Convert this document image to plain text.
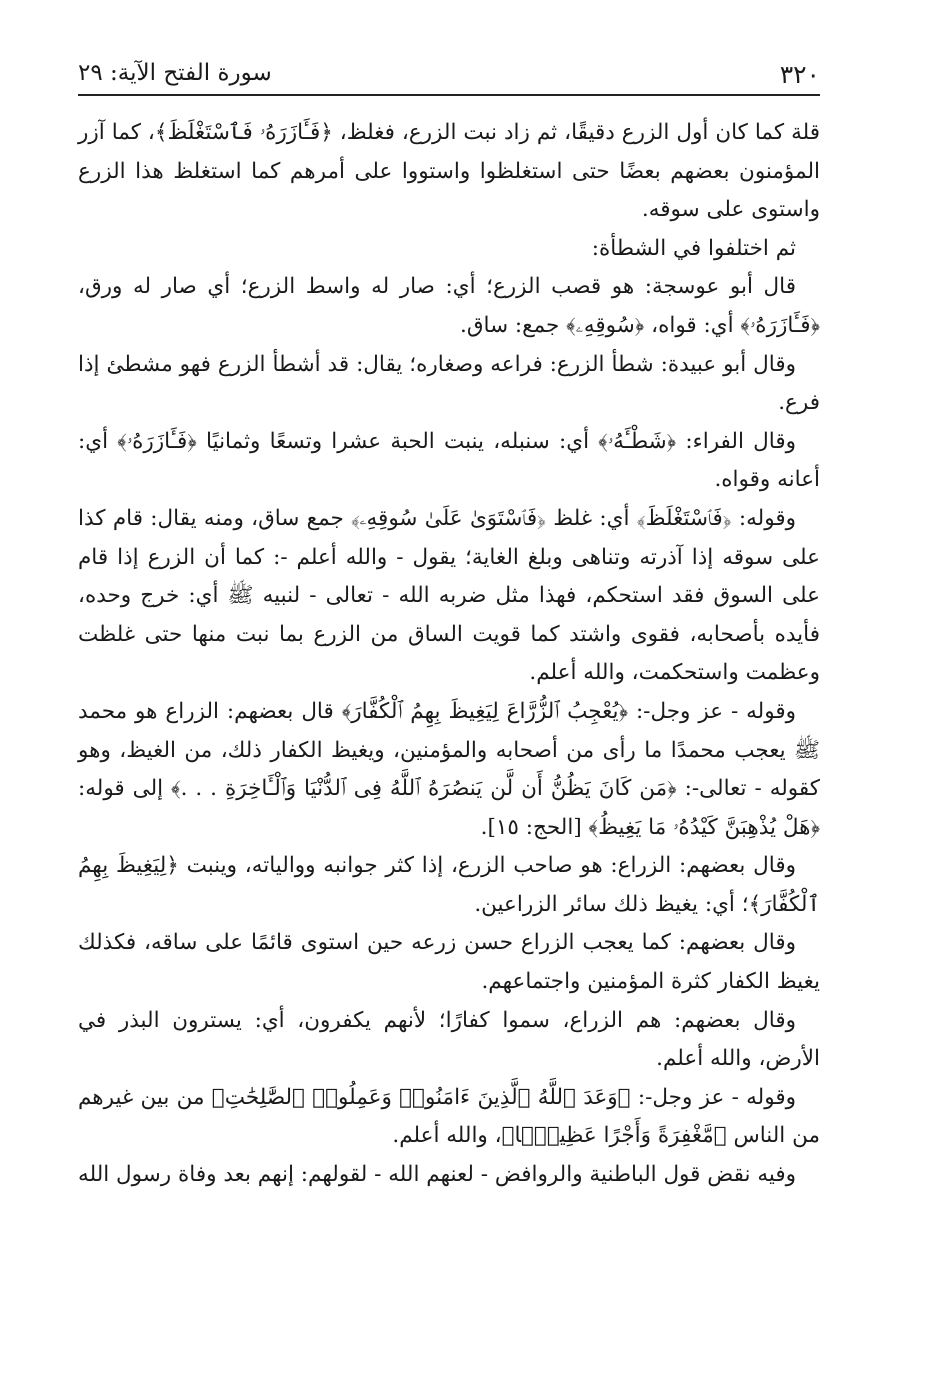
٣٢٠
سورة الفتح الآية: ٢٩

قلة كما كان أول الزرع دقيقًا، ثم زاد نبت الزرع، فغلظ، ﴿فَـَٔازَرَهُۥ فَٱسْتَغْلَظَ﴾، كما آزر المؤمنون بعضهم بعضًا حتى استغلظوا واستووا على أمرهم كما استغلظ هذا الزرع واستوى على سوقه.

ثم اختلفوا في الشطأة:

قال أبو عوسجة: هو قصب الزرع؛ أي: صار له واسط الزرع؛ أي صار له ورق، ﴿فَـَٔازَرَهُۥ﴾ أي: قواه، ﴿سُوقِهِۦ﴾ جمع: ساق.

وقال أبو عبيدة: شطأ الزرع: فراعه وصغاره؛ يقال: قد أشطأ الزرع فهو مشطئ إذا فرع.

وقال الفراء: ﴿شَطْـَٔهُۥ﴾ أي: سنبله، ينبت الحبة عشرا وتسعًا وثمانيًا ﴿فَـَٔازَرَهُۥ﴾ أي: أعانه وقواه.

وقوله: ﴿فَٱسْتَغْلَظَ﴾ أي: غلظ ﴿فَٱسْتَوَىٰ عَلَىٰ سُوقِهِۦ﴾ جمع ساق، ومنه يقال: قام كذا على سوقه إذا آذرته وتناهى وبلغ الغاية؛ يقول - والله أعلم -: كما أن الزرع إذا قام على السوق فقد استحكم، فهذا مثل ضربه الله - تعالى - لنبيه ﷺ أي: خرج وحده، فأيده بأصحابه، فقوى واشتد كما قويت الساق من الزرع بما نبت منها حتى غلظت وعظمت واستحكمت، والله أعلم.

وقوله - عز وجل-: ﴿يُعْجِبُ ٱلزُّرَّاعَ لِيَغِيظَ بِهِمُ ٱلْكُفَّارَ﴾ قال بعضهم: الزراع هو محمد ﷺ يعجب محمدًا ما رأى من أصحابه والمؤمنين، ويغيظ الكفار ذلك، من الغيظ، وهو كقوله - تعالى-: ﴿مَن كَانَ يَظُنُّ أَن لَّن يَنصُرَهُ ٱللَّهُ فِى ٱلدُّنْيَا وَٱلْـَٔاخِرَةِ . . .﴾ إلى قوله: ﴿هَلْ يُذْهِبَنَّ كَيْدُهُۥ مَا يَغِيظُ﴾ [الحج: ١٥].

وقال بعضهم: الزراع: هو صاحب الزرع، إذا كثر جوانبه ووالياته، وينبت ﴿لِيَغِيظَ بِهِمُ ٱلْكُفَّارَ﴾؛ أي: يغيظ ذلك سائر الزراعين.

وقال بعضهم: كما يعجب الزراع حسن زرعه حين استوى قائمًا على ساقه، فكذلك يغيظ الكفار كثرة المؤمنين واجتماعهم.

وقال بعضهم: هم الزراع، سموا كفارًا؛ لأنهم يكفرون، أي: يسترون البذر في الأرض، والله أعلم.

وقوله - عز وجل-: ﴿وَعَدَ ٱللَّهُ ٱلَّذِينَ ءَامَنُوا۟ وَعَمِلُوا۟ ٱلصَّٰلِحَٰتِ﴾ من بين غيرهم من الناس ﴿مَّغْفِرَةً وَأَجْرًا عَظِيمًۢا﴾، والله أعلم.

وفيه نقض قول الباطنية والروافض - لعنهم الله - لقولهم: إنهم بعد وفاة رسول الله
